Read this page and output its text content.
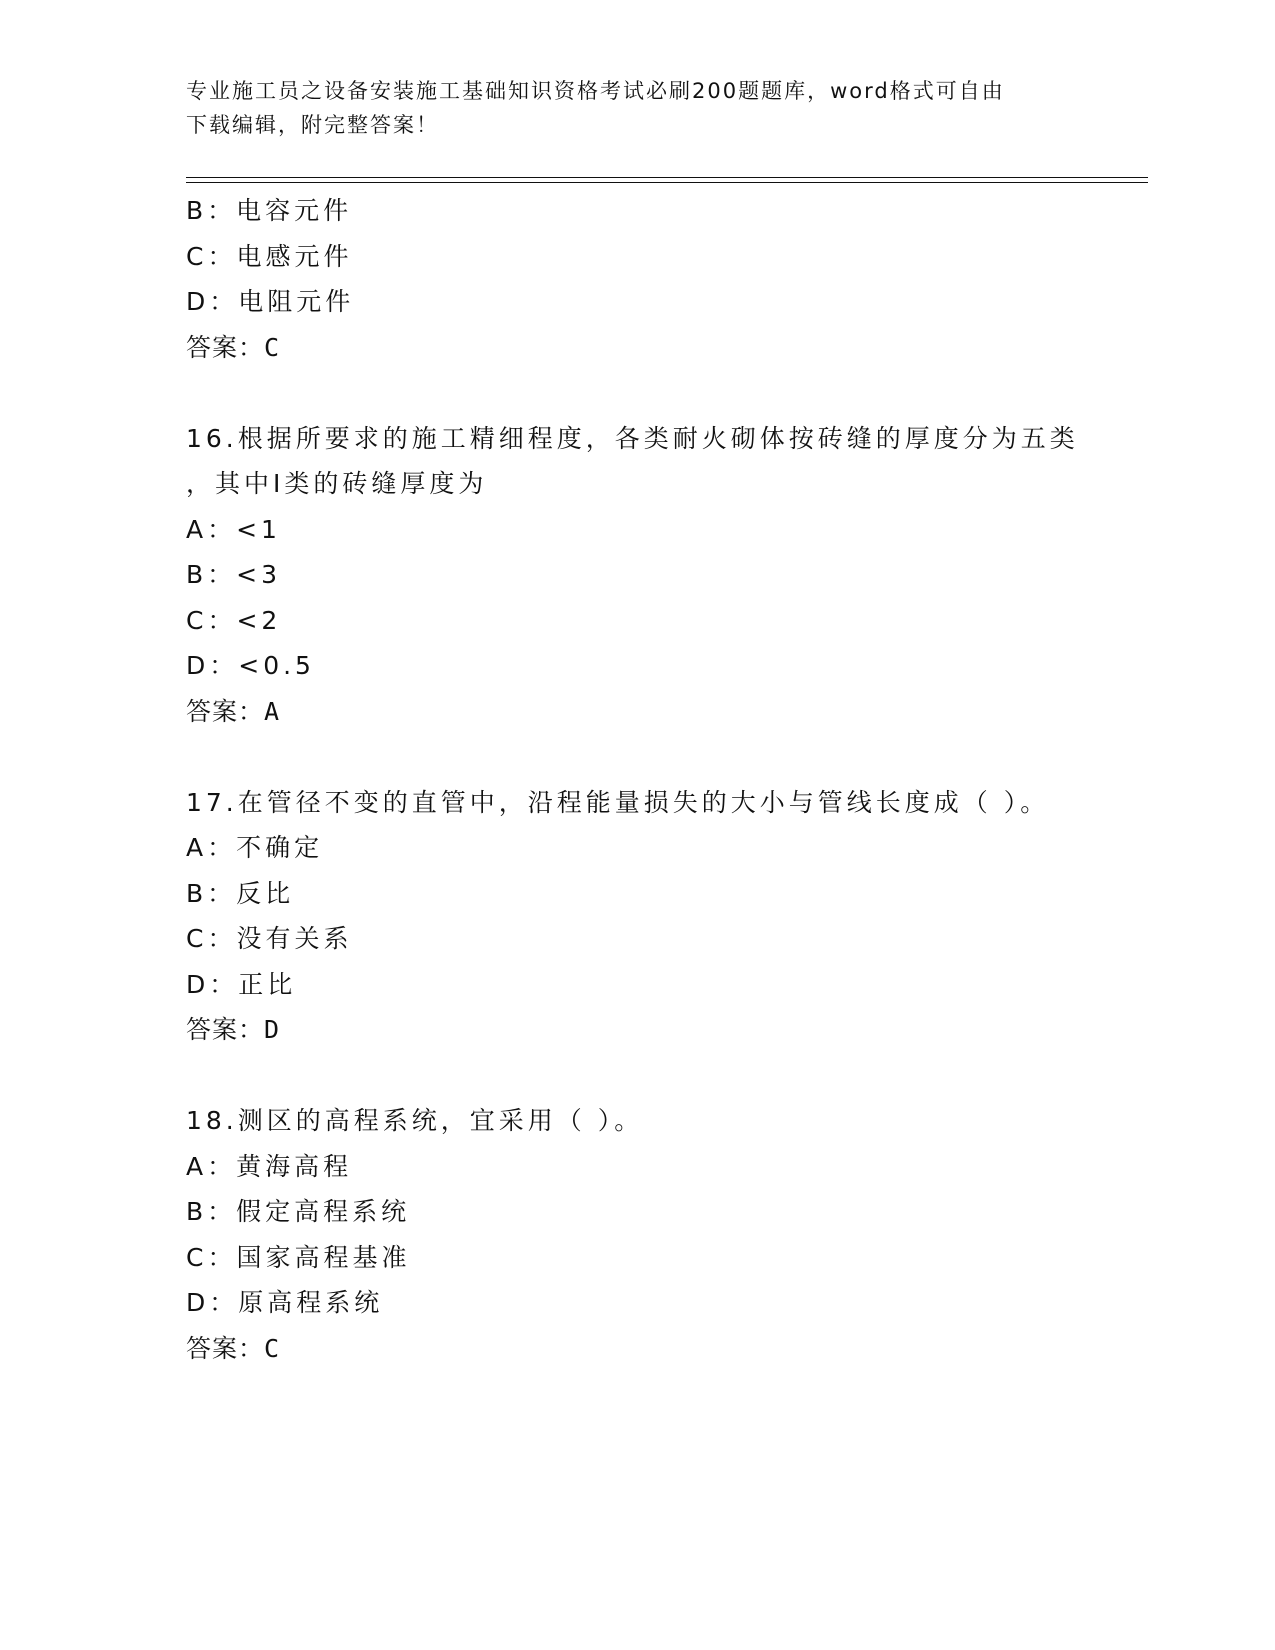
专业施工员之设备安装施工基础知识资格考试必刷200题题库，word格式可自由
下载编辑，附完整答案！
B：电容元件
C：电感元件
D：电阻元件
答案：C
16.根据所要求的施工精细程度，各类耐火砌体按砖缝的厚度分为五类
，其中Ⅰ类的砖缝厚度为
A：<1
B：<3
C：<2
D：<0.5
答案：A
17.在管径不变的直管中，沿程能量损失的大小与管线长度成（ ）。
A：不确定
B：反比
C：没有关系
D：正比
答案：D
18.测区的高程系统，宜采用（ ）。
A：黄海高程
B：假定高程系统
C：国家高程基准
D：原高程系统
答案：C
